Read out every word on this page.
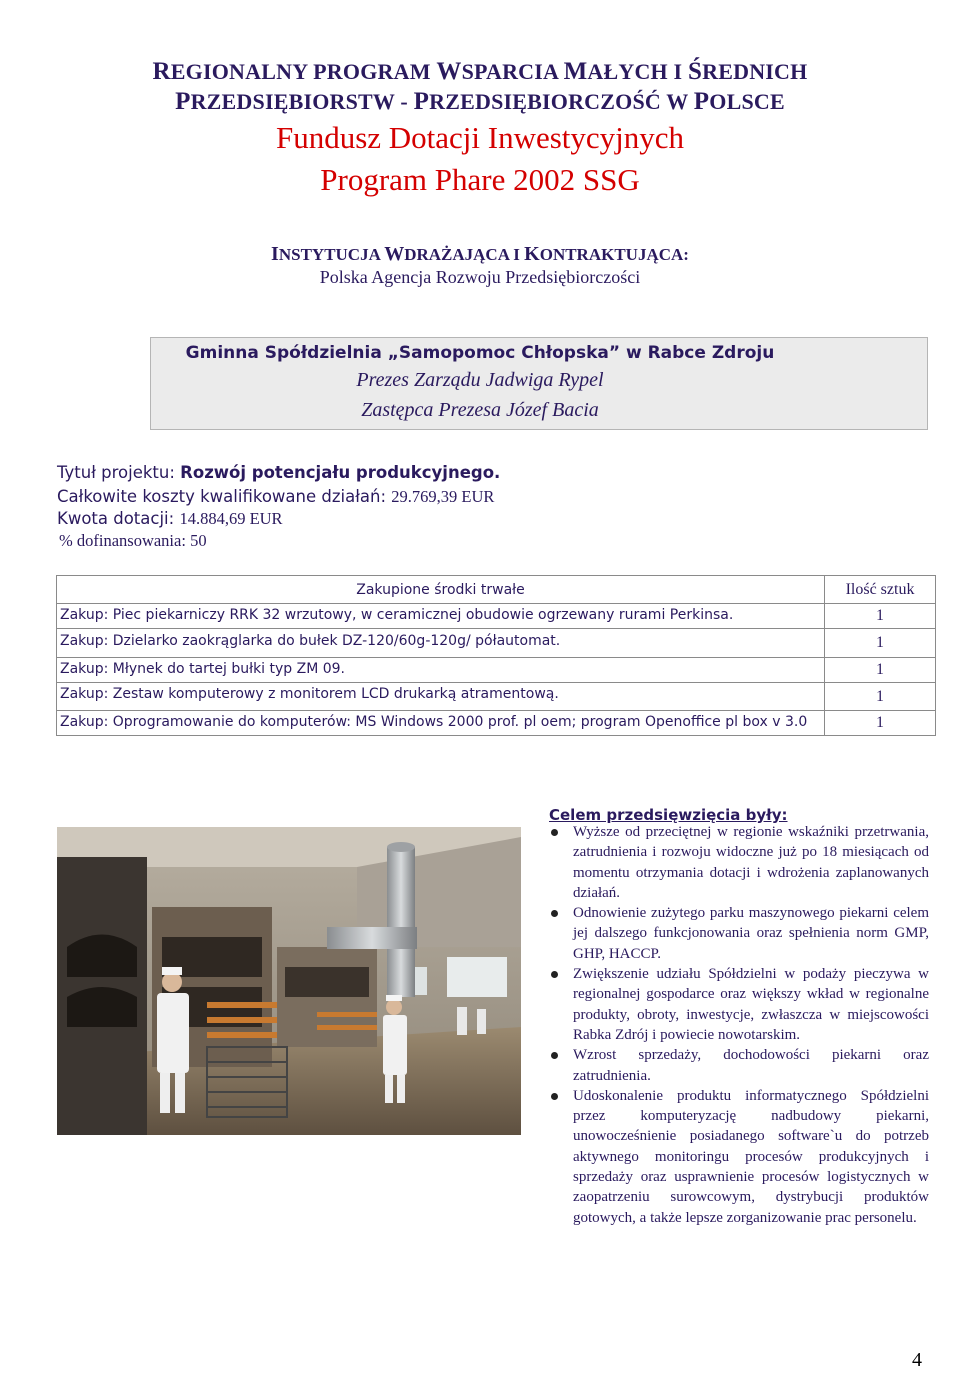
REGIONALNY PROGRAM WSPARCIA MAŁYCH I ŚREDNICH
PRZEDSIĘBIORSTW - PRZEDSIĘBIORCZOŚĆ W POLSCE
Fundusz Dotacji Inwestycyjnych
Program Phare 2002 SSG
INSTYTUCJA WDRAŻAJĄCA I KONTRAKTUJĄCA:
Polska Agencja Rozwoju Przedsiębiorczości
Gminna Spółdzielnia „Samopomoc Chłopska” w Rabce Zdroju
Prezes Zarządu Jadwiga Rypel
Zastępca Prezesa Józef Bacia
Tytuł projektu: Rozwój potencjału produkcyjnego.
Całkowite koszty kwalifikowane działań: 29.769,39 EUR
Kwota dotacji: 14.884,69 EUR
% dofinansowania: 50
Zakupione środki trwałe	Ilość sztuk
Zakup: Piec piekarniczy RRK 32 wrzutowy, w ceramicznej obudowie ogrzewany rurami Perkinsa.	1
Zakup: Dzielarko zaokrąglarka do bułek DZ-120/60g-120g/ półautomat.	1
Zakup: Młynek do tartej bułki typ ZM 09.	1
Zakup: Zestaw komputerowy z monitorem LCD drukarką atramentową.	1
Zakup: Oprogramowanie do komputerów: MS Windows 2000 prof. pl oem; program Openoffice pl box v 3.0	1
Celem przedsięwzięcia były:
Wyższe od przeciętnej w regionie wskaźniki przetrwania, zatrudnienia i rozwoju widoczne już po 18 miesiącach od momentu otrzymania dotacji i wdrożenia zaplanowanych działań.
Odnowienie zużytego parku maszynowego piekarni celem jej dalszego funkcjonowania oraz spełnienia norm GMP, GHP, HACCP.
Zwiększenie udziału Spółdzielni w podaży pieczywa w regionalnej gospodarce oraz większy wkład w regionalne produkty, obroty, inwestycje, zwłaszcza w miejscowości Rabka Zdrój i powiecie nowotarskim.
Wzrost sprzedaży, dochodowości piekarni oraz zatrudnienia.
Udoskonalenie produktu informatycznego Spółdzielni przez komputeryzację nadbudowy piekarni, unowocześnienie posiadanego software`u do potrzeb aktywnego monitoringu procesów produkcyjnych i sprzedaży oraz usprawnienie procesów logistycznych w zaopatrzeniu surowcowym, dystrybucji produktów gotowych, a także lepsze zorganizowanie prac personelu.
4
